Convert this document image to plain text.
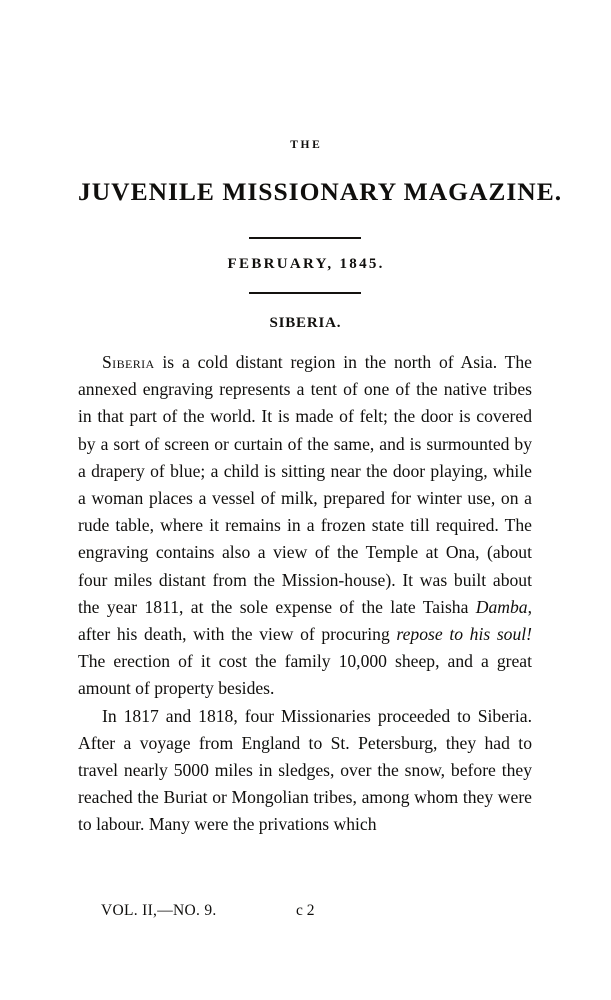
THE
JUVENILE MISSIONARY MAGAZINE.
FEBRUARY, 1845.
SIBERIA.

Siberia is a cold distant region in the north of Asia. The annexed engraving represents a tent of one of the native tribes in that part of the world. It is made of felt; the door is covered by a sort of screen or curtain of the same, and is surmounted by a drapery of blue; a child is sitting near the door playing, while a woman places a vessel of milk, prepared for winter use, on a rude table, where it remains in a frozen state till required. The engraving contains also a view of the Temple at Ona, (about four miles distant from the Mission-house). It was built about the year 1811, at the sole expense of the late Taisha Damba, after his death, with the view of procuring repose to his soul! The erection of it cost the family 10,000 sheep, and a great amount of property besides.

In 1817 and 1818, four Missionaries proceeded to Siberia. After a voyage from England to St. Petersburg, they had to travel nearly 5000 miles in sledges, over the snow, before they reached the Buriat or Mongolian tribes, among whom they were to labour. Many were the privations which

VOL. II,—NO. 9.	c 2
